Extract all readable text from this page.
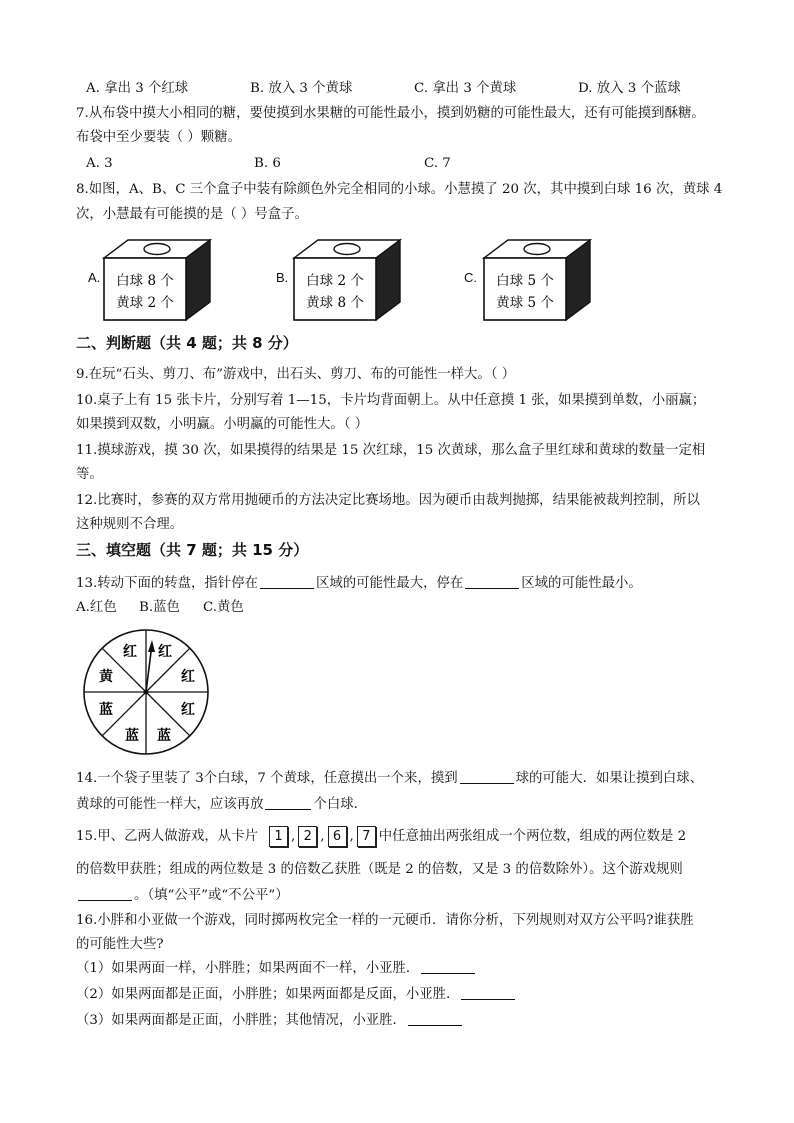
A. 拿出 3 个红球	B. 放入 3 个黄球	C. 拿出 3 个黄球	D. 放入 3 个蓝球
7.从布袋中摸大小相同的糖，要使摸到水果糖的可能性最小，摸到奶糖的可能性最大，还有可能摸到酥糖。
布袋中至少要装（ ）颗糖。
A. 3	B. 6	C. 7
8.如图，A、B、C 三个盒子中装有除颜色外完全相同的小球。小慧摸了 20 次，其中摸到白球 16 次，黄球 4
次，小慧最有可能摸的是（ ）号盒子。
A. 白球 8 个
黄球 2 个
B. 白球 2 个
黄球 8 个
C. 白球 5 个
黄球 5 个
二、判断题（共 4 题；共 8 分）
9.在玩“石头、剪刀、布”游戏中，出石头、剪刀、布的可能性一样大。（ ）
10.桌子上有 15 张卡片，分别写着 1—15，卡片均背面朝上。从中任意摸 1 张，如果摸到单数，小丽赢；
如果摸到双数，小明赢。小明赢的可能性大。（ ）
11.摸球游戏，摸 30 次，如果摸得的结果是 15 次红球，15 次黄球，那么盒子里红球和黄球的数量一定相
等。
12.比赛时，参赛的双方常用抛硬币的方法决定比赛场地。因为硬币由裁判抛掷，结果能被裁判控制，所以
这种规则不合理。
三、填空题（共 7 题；共 15 分）
13.转动下面的转盘，指针停在	区域的可能性最大，停在	区域的可能性最小。
A.红色 B.蓝色 C.黄色
红
红
红
蓝
蓝
蓝
黄
红
14.一个袋子里装了 3个白球，7 个黄球，任意摸出一个来，摸到	球的可能大．如果让摸到白球、
黄球的可能性一样大，应该再放	个白球．
15.甲、乙两人做游戏，从卡片 1 , 2 , 6 , 7 中任意抽出两张组成一个两位数，组成的两位数是 2
的倍数甲获胜；组成的两位数是 3 的倍数乙获胜（既是 2 的倍数，又是 3 的倍数除外）。这个游戏规则
。（填“公平”或“不公平”）
16.小胖和小亚做一个游戏，同时掷两枚完全一样的一元硬币．请你分析，下列规则对双方公平吗?谁获胜
的可能性大些?
（1）如果两面一样，小胖胜；如果两面不一样，小亚胜．
（2）如果两面都是正面，小胖胜；如果两面都是反面，小亚胜．
（3）如果两面都是正面，小胖胜；其他情况，小亚胜．
